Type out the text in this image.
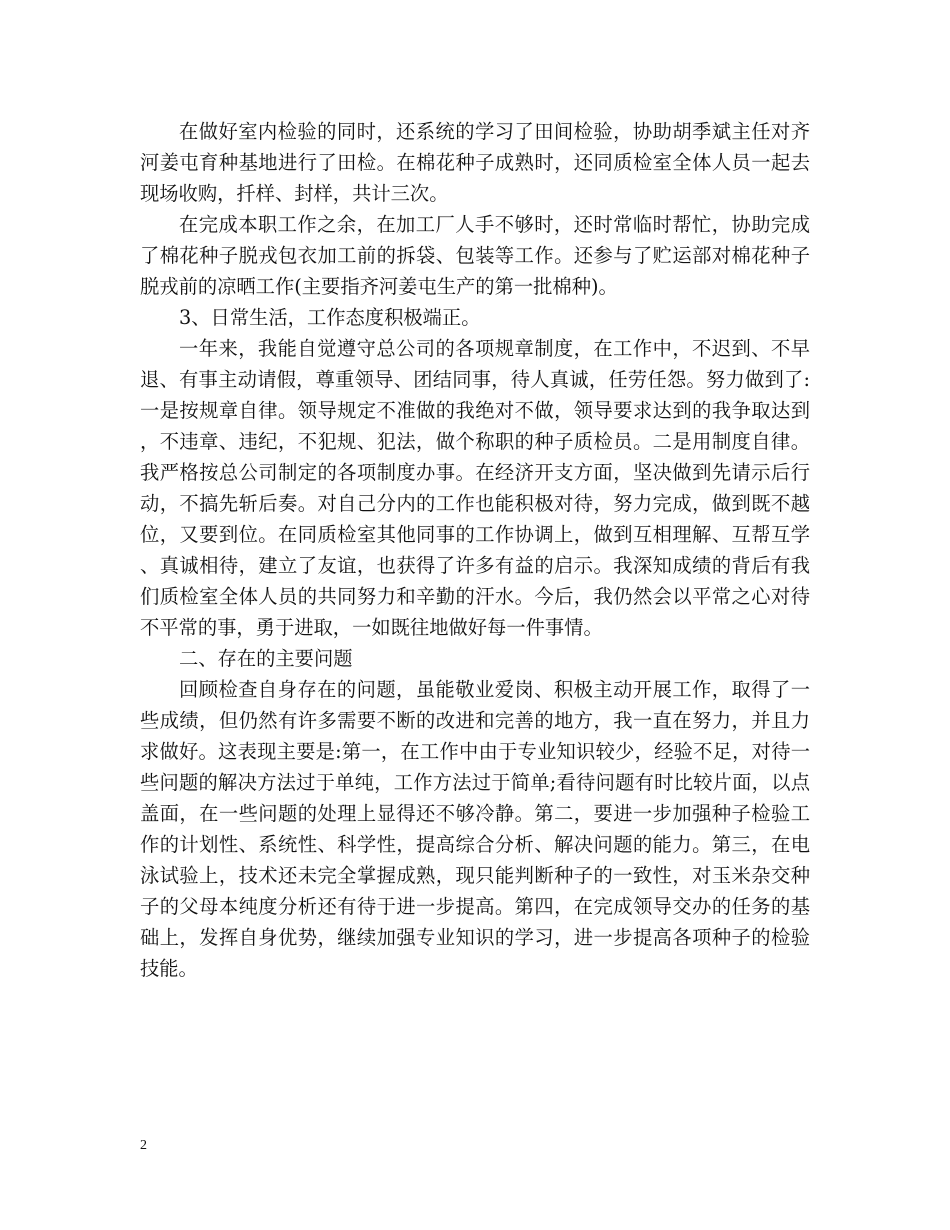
在做好室内检验的同时，还系统的学习了田间检验，协助胡季斌主任对齐河姜屯育种基地进行了田检。在棉花种子成熟时，还同质检室全体人员一起去现场收购，扦样、封样，共计三次。

在完成本职工作之余，在加工厂人手不够时，还时常临时帮忙，协助完成了棉花种子脱戎包衣加工前的拆袋、包装等工作。还参与了贮运部对棉花种子脱戎前的凉晒工作(主要指齐河姜屯生产的第一批棉种)。

3、日常生活，工作态度积极端正。

一年来，我能自觉遵守总公司的各项规章制度，在工作中，不迟到、不早退、有事主动请假，尊重领导、团结同事，待人真诚，任劳任怨。努力做到了:一是按规章自律。领导规定不准做的我绝对不做，领导要求达到的我争取达到，不违章、违纪，不犯规、犯法，做个称职的种子质检员。二是用制度自律。我严格按总公司制定的各项制度办事。在经济开支方面，坚决做到先请示后行动，不搞先斩后奏。对自己分内的工作也能积极对待，努力完成，做到既不越位，又要到位。在同质检室其他同事的工作协调上，做到互相理解、互帮互学、真诚相待，建立了友谊，也获得了许多有益的启示。我深知成绩的背后有我们质检室全体人员的共同努力和辛勤的汗水。今后，我仍然会以平常之心对待不平常的事，勇于进取，一如既往地做好每一件事情。

二、存在的主要问题

回顾检查自身存在的问题，虽能敬业爱岗、积极主动开展工作，取得了一些成绩，但仍然有许多需要不断的改进和完善的地方，我一直在努力，并且力求做好。这表现主要是:第一，在工作中由于专业知识较少，经验不足，对待一些问题的解决方法过于单纯，工作方法过于简单;看待问题有时比较片面，以点盖面，在一些问题的处理上显得还不够冷静。第二，要进一步加强种子检验工作的计划性、系统性、科学性，提高综合分析、解决问题的能力。第三，在电泳试验上，技术还未完全掌握成熟，现只能判断种子的一致性，对玉米杂交种子的父母本纯度分析还有待于进一步提高。第四，在完成领导交办的任务的基础上，发挥自身优势，继续加强专业知识的学习，进一步提高各项种子的检验技能。

2
